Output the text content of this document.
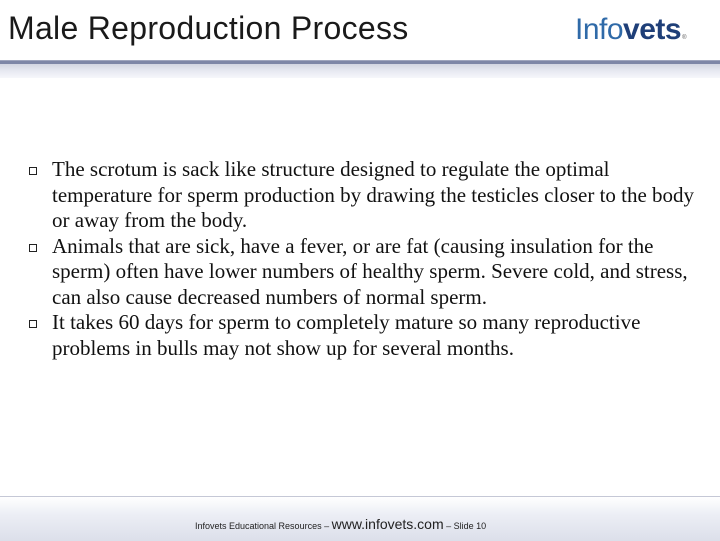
Male Reproduction Process	Info vets ®
The scrotum is sack like structure designed to regulate the optimal temperature for sperm production by drawing the testicles closer to the body or away from the body.
Animals that are sick, have a fever, or are fat (causing insulation for the sperm) often have lower numbers of healthy sperm. Severe cold, and stress, can also cause decreased numbers of normal sperm.
It takes 60 days for sperm to completely mature so many reproductive problems in bulls may not show up for several months.
Infovets Educational Resources – www.infovets.com – Slide 10
